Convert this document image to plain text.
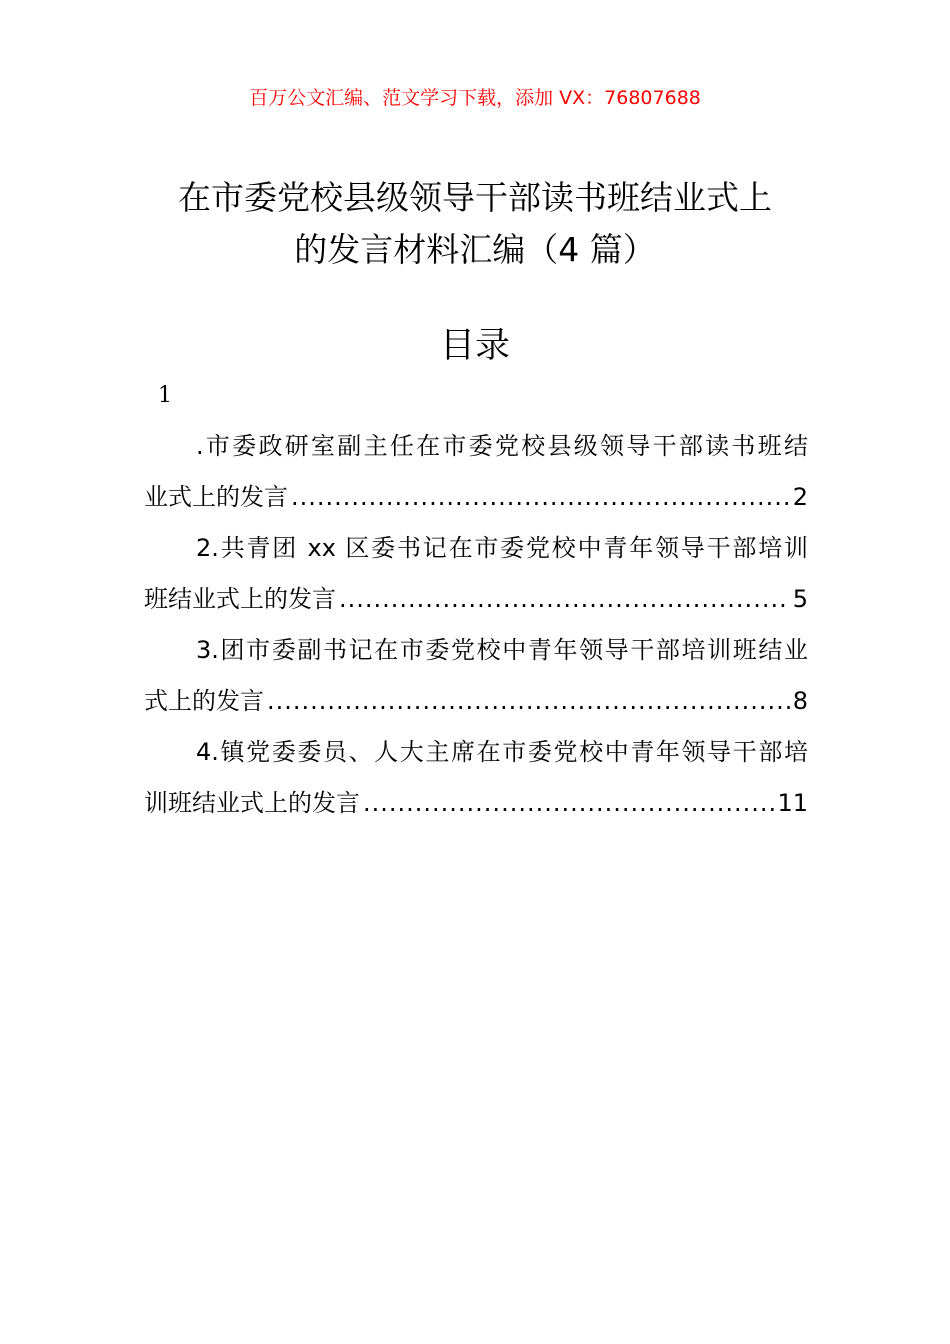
百万公文汇编、范文学习下载，添加 VX：76807688
在市委党校县级领导干部读书班结业式上
的发言材料汇编（4 篇）
目录
1
.市委政研室副主任在市委党校县级领导干部读书班结
业式上的发言 .....	2
2.共青团 xx 区委书记在市委党校中青年领导干部培训
班结业式上的发言 .....	5
3.团市委副书记在市委党校中青年领导干部培训班结业
式上的发言 .....	8
4.镇党委委员、人大主席在市委党校中青年领导干部培
训班结业式上的发言 .....	11
